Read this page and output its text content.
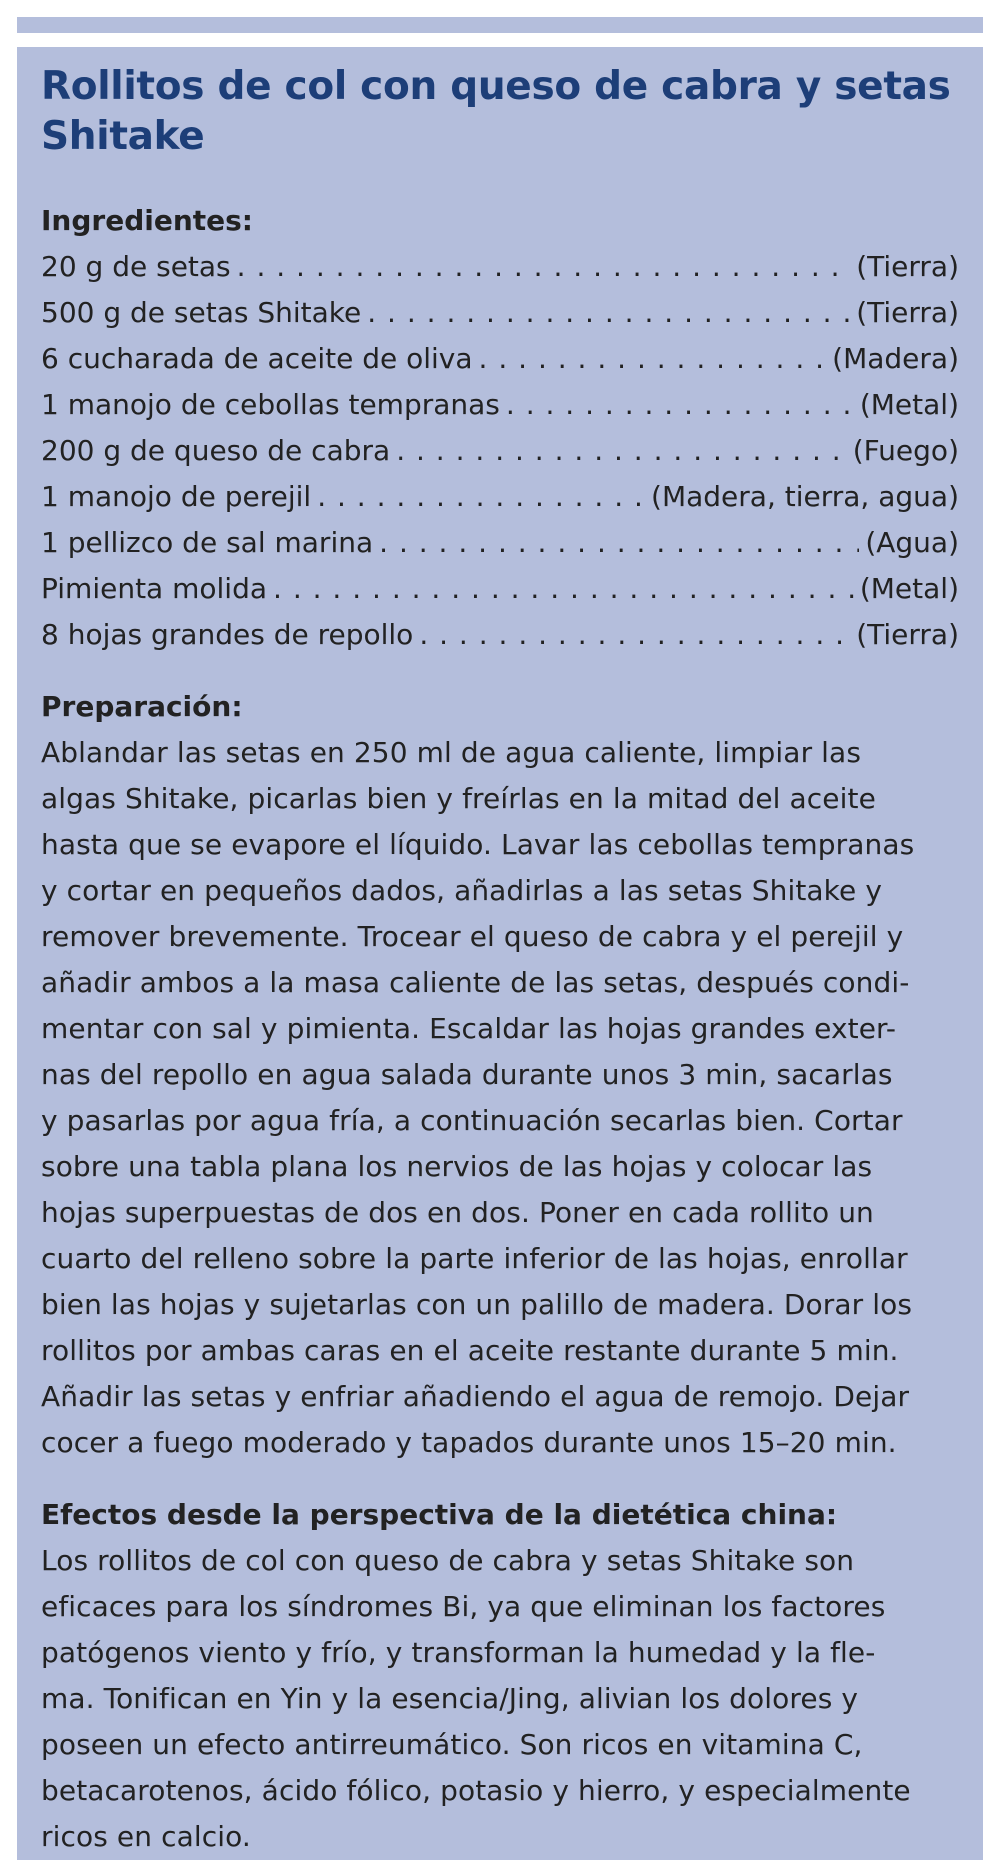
Rollitos de col con queso de cabra y setas
Shitake
Ingredientes:
20 g de setas . . .	(Tierra)
500 g de setas Shitake . . .	(Tierra)
6 cucharada de aceite de oliva . . .	(Madera)
1 manojo de cebollas tempranas . . .	(Metal)
200 g de queso de cabra . . .	(Fuego)
1 manojo de perejil . . .	(Madera, tierra, agua)
1 pellizco de sal marina . . .	(Agua)
Pimienta molida . . .	(Metal)
8 hojas grandes de repollo . . .	(Tierra)
Preparación:

Ablandar las setas en 250 ml de agua caliente, limpiar las
algas Shitake, picarlas bien y freírlas en la mitad del aceite
hasta que se evapore el líquido. Lavar las cebollas tempranas
y cortar en pequeños dados, añadirlas a las setas Shitake y
remover brevemente. Trocear el queso de cabra y el perejil y
añadir ambos a la masa caliente de las setas, después condi-
mentar con sal y pimienta. Escaldar las hojas grandes exter-
nas del repollo en agua salada durante unos 3 min, sacarlas
y pasarlas por agua fría, a continuación secarlas bien. Cortar
sobre una tabla plana los nervios de las hojas y colocar las
hojas superpuestas de dos en dos. Poner en cada rollito un
cuarto del relleno sobre la parte inferior de las hojas, enrollar
bien las hojas y sujetarlas con un palillo de madera. Dorar los
rollitos por ambas caras en el aceite restante durante 5 min.
Añadir las setas y enfriar añadiendo el agua de remojo. Dejar
cocer a fuego moderado y tapados durante unos 15–20 min.

Efectos desde la perspectiva de la dietética china:

Los rollitos de col con queso de cabra y setas Shitake son
eficaces para los síndromes Bi, ya que eliminan los factores
patógenos viento y frío, y transforman la humedad y la fle-
ma. Tonifican en Yin y la esencia/Jing, alivian los dolores y
poseen un efecto antirreumático. Son ricos en vitamina C,
betacarotenos, ácido fólico, potasio y hierro, y especialmente
ricos en calcio.
